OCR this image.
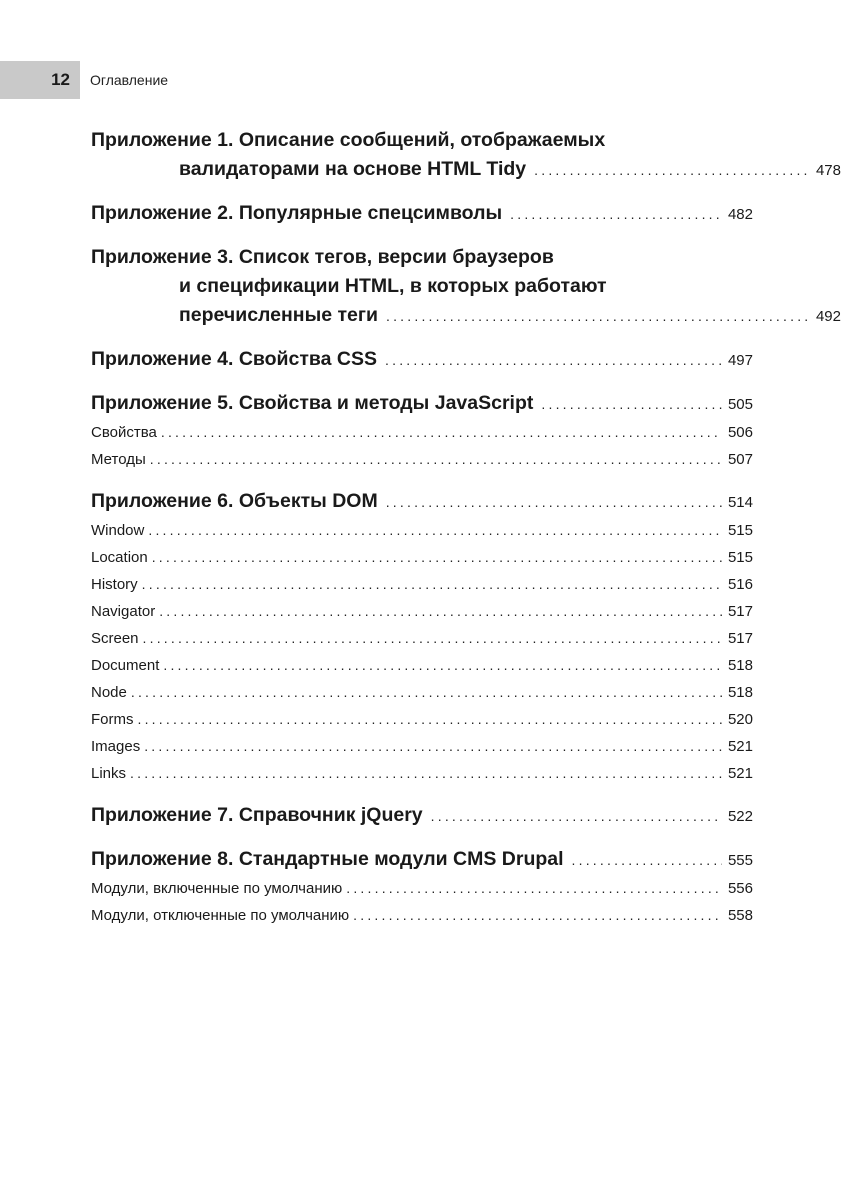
12	Оглавление
Приложение 1. Описание сообщений, отображаемых
валидаторами на основе HTML Tidy .....	478
Приложение 2. Популярные спецсимволы .....	482
Приложение 3. Список тегов, версии браузеров
и спецификации HTML, в которых работают
перечисленные теги .....	492
Приложение 4. Свойства CSS .....	497
Приложение 5. Свойства и методы JavaScript .....	505
Свойства .....	506
Методы .....	507
Приложение 6. Объекты DOM .....	514
Window .....	515
Location .....	515
History .....	516
Navigator .....	517
Screen .....	517
Document .....	518
Node .....	518
Forms .....	520
Images .....	521
Links .....	521
Приложение 7. Справочник jQuery .....	522
Приложение 8. Стандартные модули CMS Drupal .....	555
Модули, включенные по умолчанию .....	556
Модули, отключенные по умолчанию .....	558
